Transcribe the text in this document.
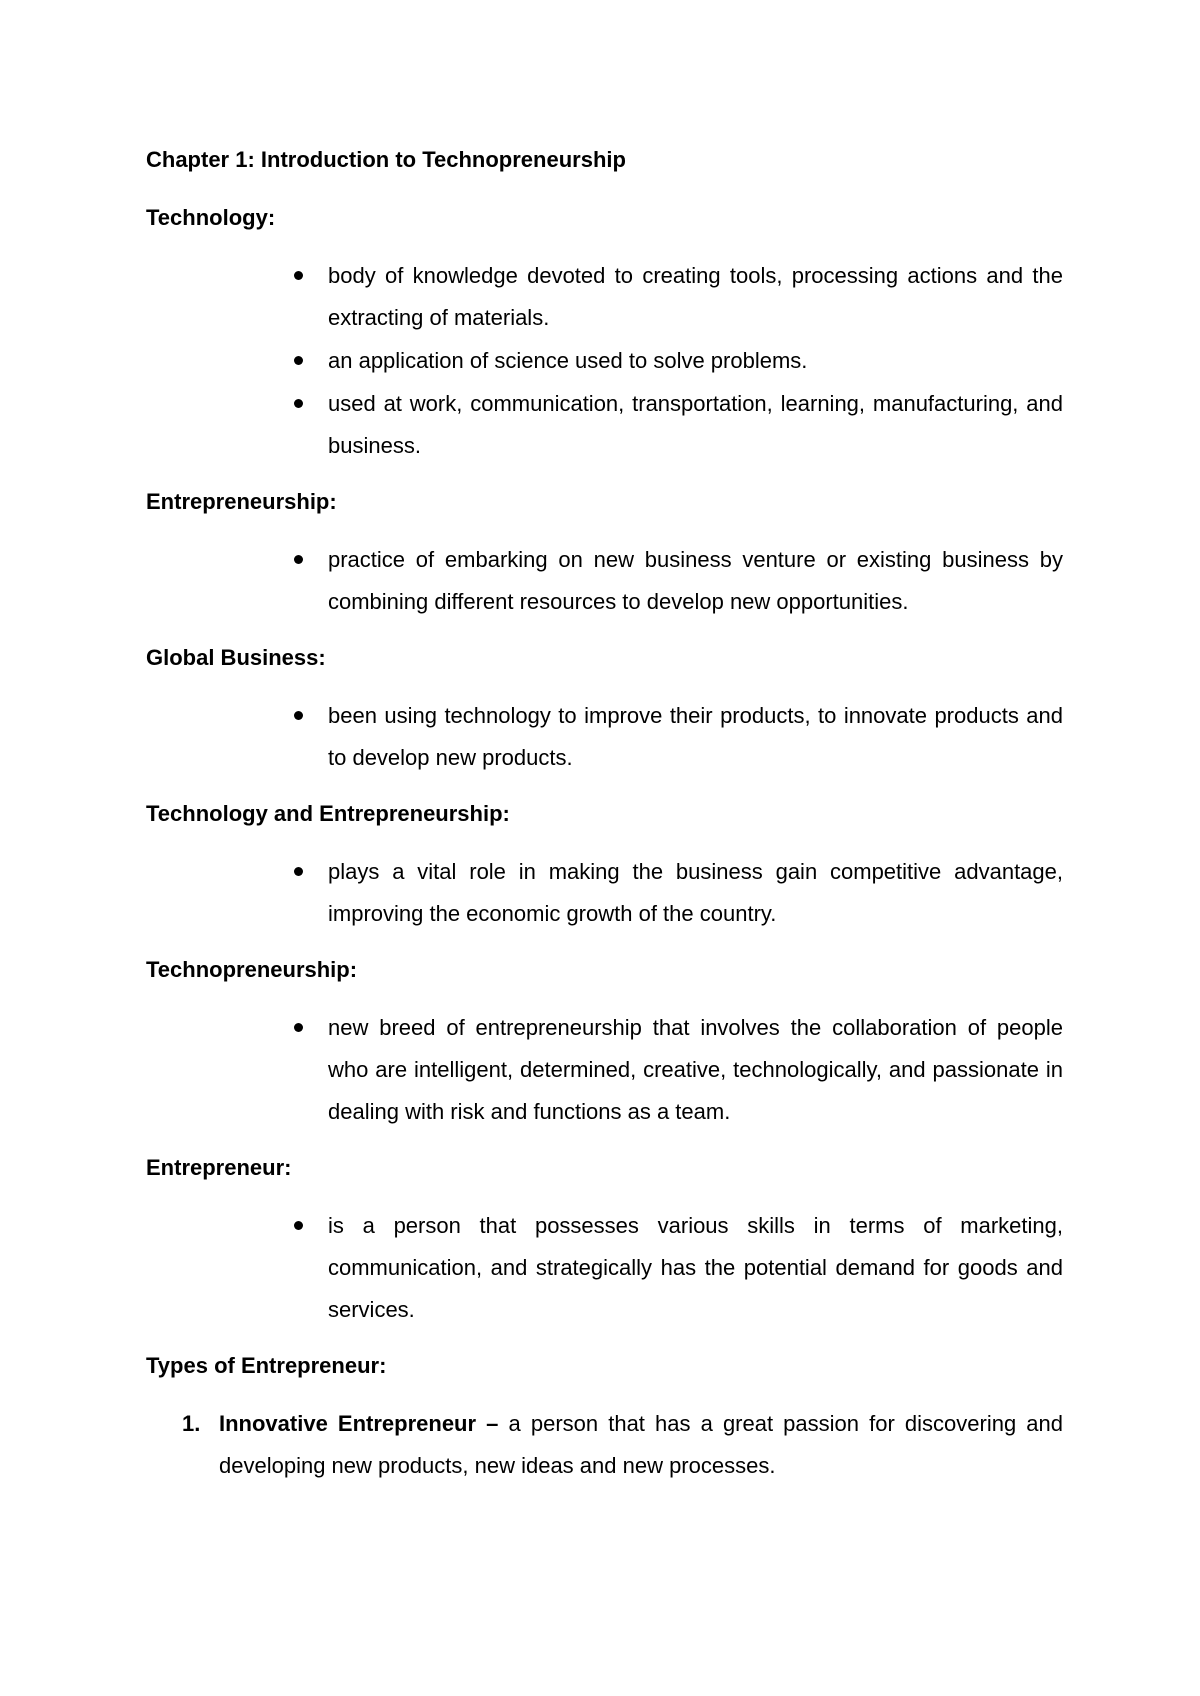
Chapter 1: Introduction to Technopreneurship
Technology:
body of knowledge devoted to creating tools, processing actions and the extracting of materials.
an application of science used to solve problems.
used at work, communication, transportation, learning, manufacturing, and business.
Entrepreneurship:
practice of embarking on new business venture or existing business by combining different resources to develop new opportunities.
Global Business:
been using technology to improve their products, to innovate products and to develop new products.
Technology and Entrepreneurship:
plays a vital role in making the business gain competitive advantage, improving the economic growth of the country.
Technopreneurship:
new breed of entrepreneurship that involves the collaboration of people who are intelligent, determined, creative, technologically, and passionate in dealing with risk and functions as a team.
Entrepreneur:
is a person that possesses various skills in terms of marketing, communication, and strategically has the potential demand for goods and services.
Types of Entrepreneur:
1. Innovative Entrepreneur – a person that has a great passion for discovering and developing new products, new ideas and new processes.
